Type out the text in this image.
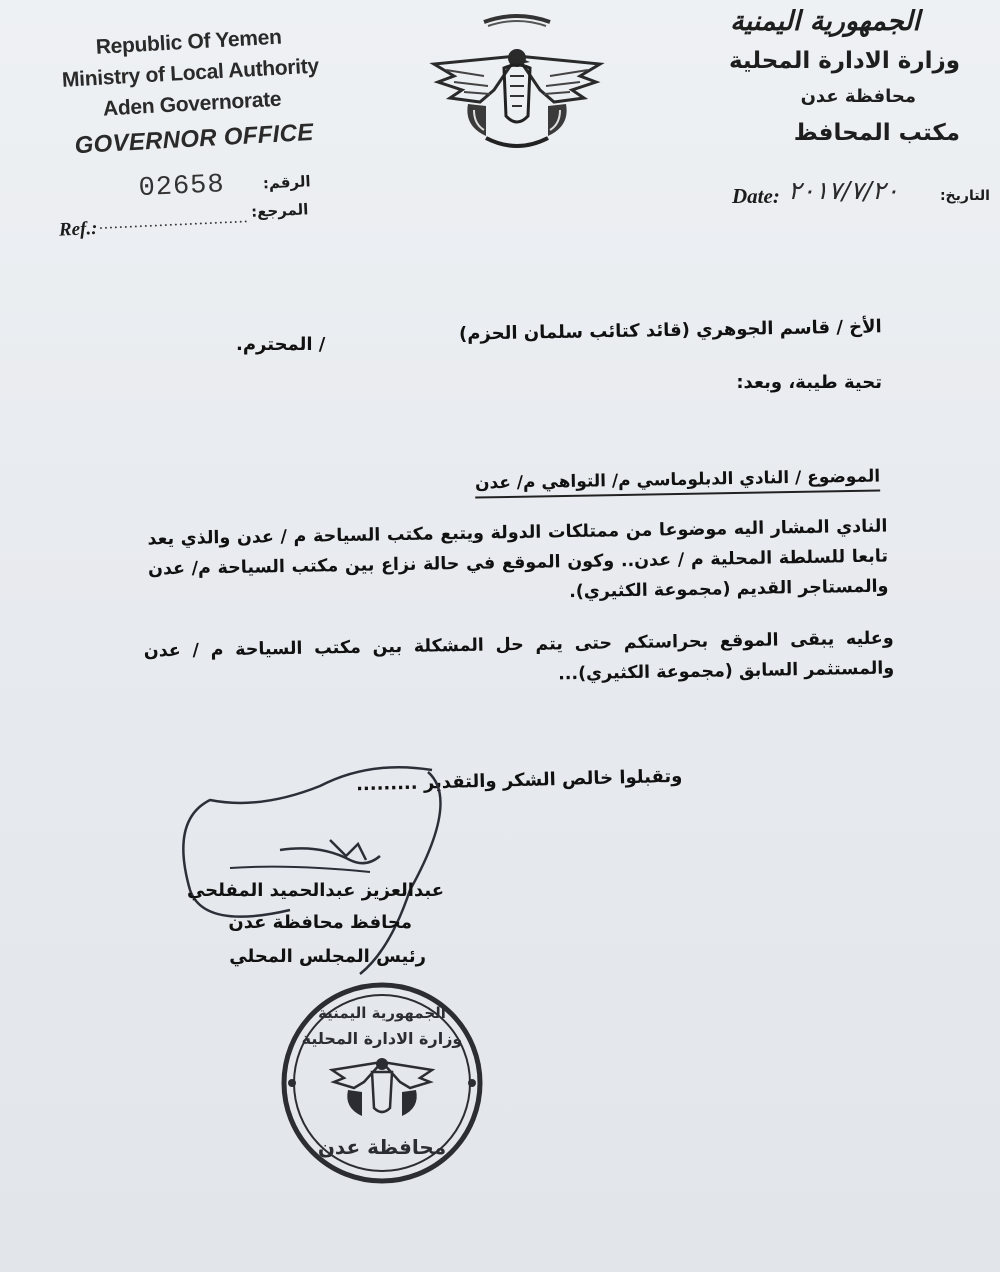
Republic Of Yemen
Ministry of Local Authority
Aden Governorate
GOVERNOR OFFICE
02658 الرقم:
Ref.: .............................. المرجع:
الجمهورية اليمنية
وزارة الادارة المحلية
محافظة عدن
مكتب المحافظ
Date: ٢٠١٧/٧/٢٠	التاريخ:
الأخ / قاسم الجوهري (قائد كتائب سلمان الحزم)
/ المحترم.
تحية طيبة، وبعد:
الموضوع / النادي الدبلوماسي م/ التواهي م/ عدن
النادي المشار اليه موضوعا من ممتلكات الدولة ويتبع مكتب السياحة م / عدن والذي يعد تابعا للسلطة المحلية م / عدن.. وكون الموقع في حالة نزاع بين مكتب السياحة م/ عدن والمستاجر القديم (مجموعة الكثيري).
وعليه يبقى الموقع بحراستكم حتى يتم حل المشكلة بين مكتب السياحة م / عدن والمستثمر السابق (مجموعة الكثيري)...
وتقبلوا خالص الشكر والتقدير .........
عبدالعزيز عبدالحميد المفلحي
محافظ محافظة عدن
رئيس المجلس المحلي
الجمهورية اليمنية
وزارة الادارة المحلية
محافظة عدن
